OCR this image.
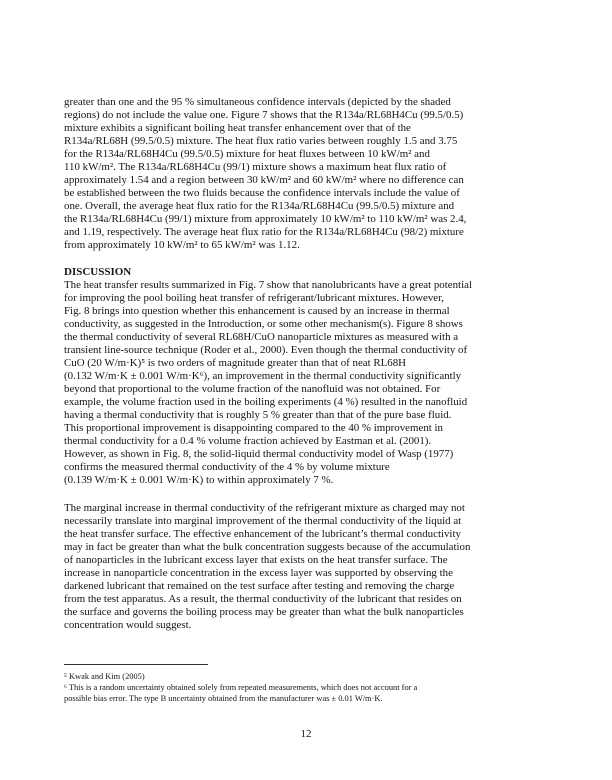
greater than one and the 95 % simultaneous confidence intervals (depicted by the shaded
regions) do not include the value one. Figure 7 shows that the R134a/RL68H4Cu (99.5/0.5)
mixture exhibits a significant boiling heat transfer enhancement over that of the
R134a/RL68H (99.5/0.5) mixture. The heat flux ratio varies between roughly 1.5 and 3.75
for the R134a/RL68H4Cu (99.5/0.5) mixture for heat fluxes between 10 kW/m² and
110 kW/m². The R134a/RL68H4Cu (99/1) mixture shows a maximum heat flux ratio of
approximately 1.54 and a region between 30 kW/m² and 60 kW/m² where no difference can
be established between the two fluids because the confidence intervals include the value of
one. Overall, the average heat flux ratio for the R134a/RL68H4Cu (99.5/0.5) mixture and
the R134a/RL68H4Cu (99/1) mixture from approximately 10 kW/m² to 110 kW/m² was 2.4,
and 1.19, respectively. The average heat flux ratio for the R134a/RL68H4Cu (98/2) mixture
from approximately 10 kW/m² to 65 kW/m² was 1.12.
DISCUSSION
The heat transfer results summarized in Fig. 7 show that nanolubricants have a great potential
for improving the pool boiling heat transfer of refrigerant/lubricant mixtures. However,
Fig. 8 brings into question whether this enhancement is caused by an increase in thermal
conductivity, as suggested in the Introduction, or some other mechanism(s). Figure 8 shows
the thermal conductivity of several RL68H/CuO nanoparticle mixtures as measured with a
transient line-source technique (Roder et al., 2000). Even though the thermal conductivity of
CuO (20 W/m·K)⁵ is two orders of magnitude greater than that of neat RL68H
(0.132 W/m·K ± 0.001 W/m·K⁶), an improvement in the thermal conductivity significantly
beyond that proportional to the volume fraction of the nanofluid was not obtained. For
example, the volume fraction used in the boiling experiments (4 %) resulted in the nanofluid
having a thermal conductivity that is roughly 5 % greater than that of the pure base fluid.
This proportional improvement is disappointing compared to the 40 % improvement in
thermal conductivity for a 0.4 % volume fraction achieved by Eastman et al. (2001).
However, as shown in Fig. 8, the solid-liquid thermal conductivity model of Wasp (1977)
confirms the measured thermal conductivity of the 4 % by volume mixture
(0.139 W/m·K ± 0.001 W/m·K) to within approximately 7 %.
The marginal increase in thermal conductivity of the refrigerant mixture as charged may not
necessarily translate into marginal improvement of the thermal conductivity of the liquid at
the heat transfer surface. The effective enhancement of the lubricant’s thermal conductivity
may in fact be greater than what the bulk concentration suggests because of the accumulation
of nanoparticles in the lubricant excess layer that exists on the heat transfer surface. The
increase in nanoparticle concentration in the excess layer was supported by observing the
darkened lubricant that remained on the test surface after testing and removing the charge
from the test apparatus. As a result, the thermal conductivity of the lubricant that resides on
the surface and governs the boiling process may be greater than what the bulk nanoparticles
concentration would suggest.
⁵ Kwak and Kim (2005)
⁶ This is a random uncertainty obtained solely from repeated measurements, which does not account for a
possible bias error. The type B uncertainty obtained from the manufacturer was ± 0.01 W/m·K.
12
